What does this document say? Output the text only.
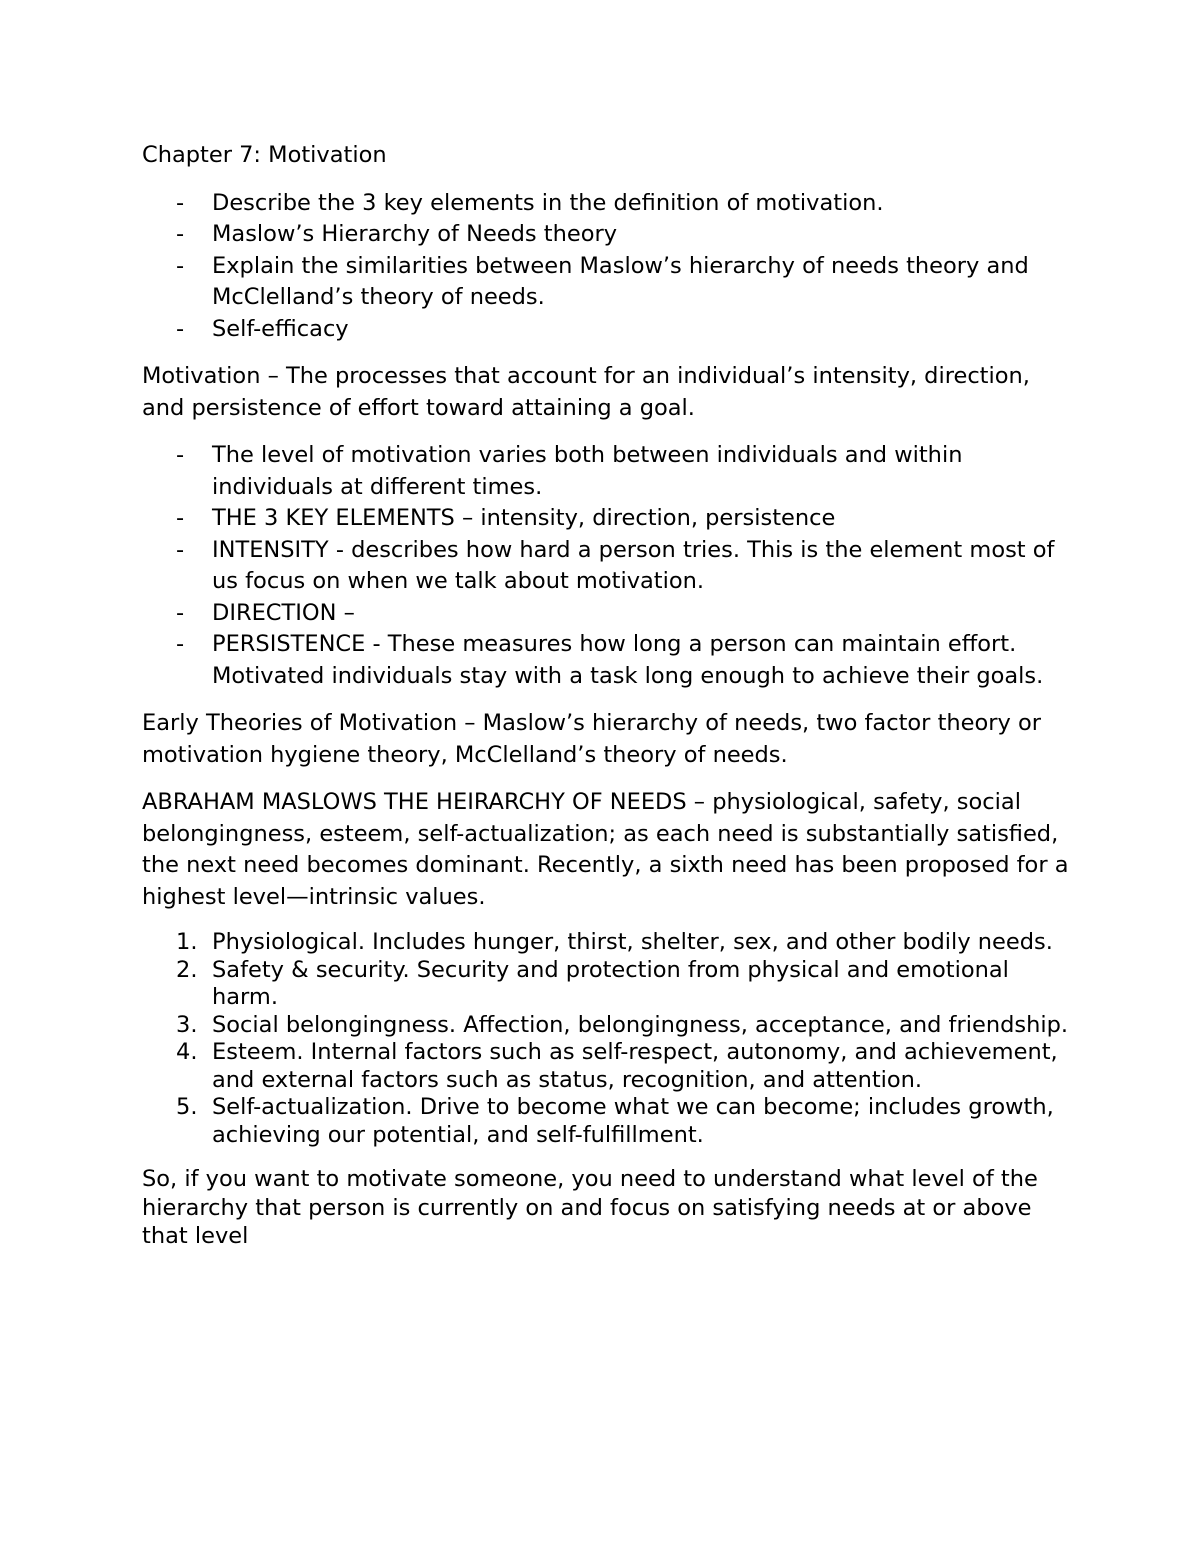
Chapter 7: Motivation

- Describe the 3 key elements in the definition of motivation.
- Maslow’s Hierarchy of Needs theory
- Explain the similarities between Maslow’s hierarchy of needs theory and McClelland’s theory of needs.
- Self-efficacy

Motivation – The processes that account for an individual’s intensity, direction, and persistence of effort toward attaining a goal.

- The level of motivation varies both between individuals and within individuals at different times.
- THE 3 KEY ELEMENTS – intensity, direction, persistence
- INTENSITY - describes how hard a person tries. This is the element most of us focus on when we talk about motivation.
- DIRECTION –
- PERSISTENCE - These measures how long a person can maintain effort. Motivated individuals stay with a task long enough to achieve their goals.

Early Theories of Motivation – Maslow’s hierarchy of needs, two factor theory or motivation hygiene theory, McClelland’s theory of needs.

ABRAHAM MASLOWS THE HEIRARCHY OF NEEDS – physiological, safety, social belongingness, esteem, self-actualization; as each need is substantially satisfied, the next need becomes dominant. Recently, a sixth need has been proposed for a highest level—intrinsic values.

1. Physiological. Includes hunger, thirst, shelter, sex, and other bodily needs.
2. Safety & security. Security and protection from physical and emotional harm.
3. Social belongingness. Affection, belongingness, acceptance, and friendship.
4. Esteem. Internal factors such as self-respect, autonomy, and achievement, and external factors such as status, recognition, and attention.
5. Self-actualization. Drive to become what we can become; includes growth, achieving our potential, and self-fulfillment.

So, if you want to motivate someone, you need to understand what level of the hierarchy that person is currently on and focus on satisfying needs at or above that level
